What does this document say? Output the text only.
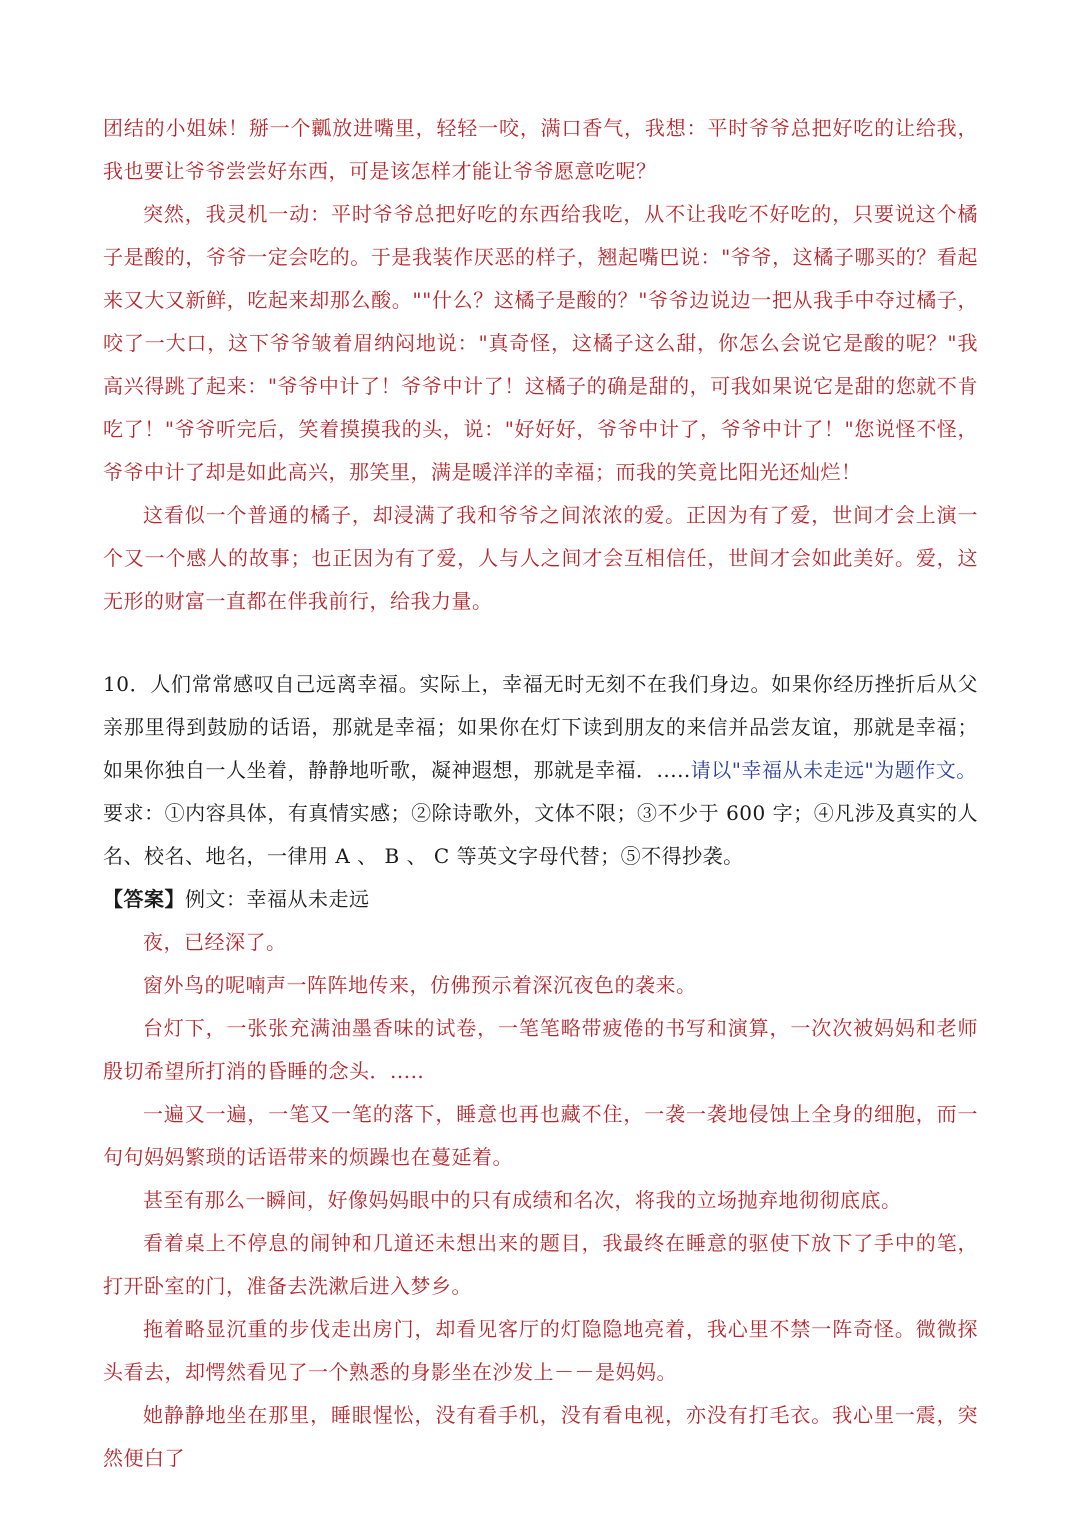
团结的小姐妹！掰一个瓤放进嘴里，轻轻一咬，满口香气，我想：平时爷爷总把好吃的让给我，我也要让爷爷尝尝好东西，可是该怎样才能让爷爷愿意吃呢？

突然，我灵机一动：平时爷爷总把好吃的东西给我吃，从不让我吃不好吃的，只要说这个橘子是酸的，爷爷一定会吃的。于是我装作厌恶的样子，翘起嘴巴说："爷爷，这橘子哪买的？看起来又大又新鲜，吃起来却那么酸。""什么？这橘子是酸的？"爷爷边说边一把从我手中夺过橘子，咬了一大口，这下爷爷皱着眉纳闷地说："真奇怪，这橘子这么甜，你怎么会说它是酸的呢？"我高兴得跳了起来："爷爷中计了！爷爷中计了！这橘子的确是甜的，可我如果说它是甜的您就不肯吃了！"爷爷听完后，笑着摸摸我的头，说："好好好，爷爷中计了，爷爷中计了！"您说怪不怪，爷爷中计了却是如此高兴，那笑里，满是暖洋洋的幸福；而我的笑竟比阳光还灿烂！

这看似一个普通的橘子，却浸满了我和爷爷之间浓浓的爱。正因为有了爱，世间才会上演一个又一个感人的故事；也正因为有了爱，人与人之间才会互相信任，世间才会如此美好。爱，这无形的财富一直都在伴我前行，给我力量。

10．人们常常感叹自己远离幸福。实际上，幸福无时无刻不在我们身边。如果你经历挫折后从父亲那里得到鼓励的话语，那就是幸福；如果你在灯下读到朋友的来信并品尝友谊，那就是幸福；如果你独自一人坐着，静静地听歌，凝神遐想，那就是幸福．.....请以"幸福从未走远"为题作文。

要求：①内容具体，有真情实感；②除诗歌外，文体不限；③不少于 600 字；④凡涉及真实的人名、校名、地名，一律用 A 、 B 、 C 等英文字母代替；⑤不得抄袭。

【答案】例文：幸福从未走远

夜，已经深了。

窗外鸟的呢喃声一阵阵地传来，仿佛预示着深沉夜色的袭来。

台灯下，一张张充满油墨香味的试卷，一笔笔略带疲倦的书写和演算，一次次被妈妈和老师殷切希望所打消的昏睡的念头．.....

一遍又一遍，一笔又一笔的落下，睡意也再也藏不住，一袭一袭地侵蚀上全身的细胞，而一句句妈妈繁琐的话语带来的烦躁也在蔓延着。

甚至有那么一瞬间，好像妈妈眼中的只有成绩和名次，将我的立场抛弃地彻彻底底。

看着桌上不停息的闹钟和几道还未想出来的题目，我最终在睡意的驱使下放下了手中的笔，打开卧室的门，准备去洗漱后进入梦乡。

拖着略显沉重的步伐走出房门，却看见客厅的灯隐隐地亮着，我心里不禁一阵奇怪。微微探头看去，却愕然看见了一个熟悉的身影坐在沙发上－－是妈妈。

她静静地坐在那里，睡眼惺忪，没有看手机，没有看电视，亦没有打毛衣。我心里一震，突然便白了
